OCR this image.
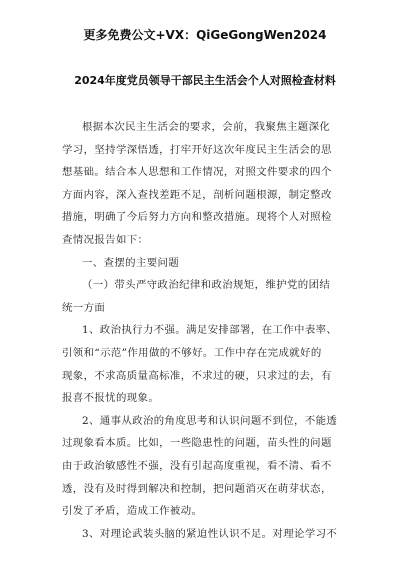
更多免费公文+VX：QiGeGongWen2024
2024年度党员领导干部民主生活会个人对照检查材料
根据本次民主生活会的要求，会前，我聚焦主题深化
学习，坚持学深悟透，打牢开好这次年度民主生活会的思
想基础。结合本人思想和工作情况，对照文件要求的四个
方面内容，深入查找差距不足，剖析问题根源，制定整改
措施，明确了今后努力方向和整改措施。现将个人对照检
查情况报告如下：
一、查摆的主要问题
（一）带头严守政治纪律和政治规矩，维护党的团结
统一方面
1、政治执行力不强。满足安排部署，在工作中表率、
引领和“示范”作用做的不够好。工作中存在完成就好的
现象，不求高质量高标准，不求过的硬，只求过的去，有
报喜不报忧的现象。
2、通事从政治的角度思考和认识问题不到位，不能透
过现象看本质。比如，一些隐患性的问题，苗头性的问题
由于政治敏感性不强，没有引起高度重视，看不清、看不
透，没有及时得到解决和控制，把问题消灭在萌芽状态，
引发了矛盾，造成工作被动。
3、对理论武装头脑的紧迫性认识不足。对理论学习不
